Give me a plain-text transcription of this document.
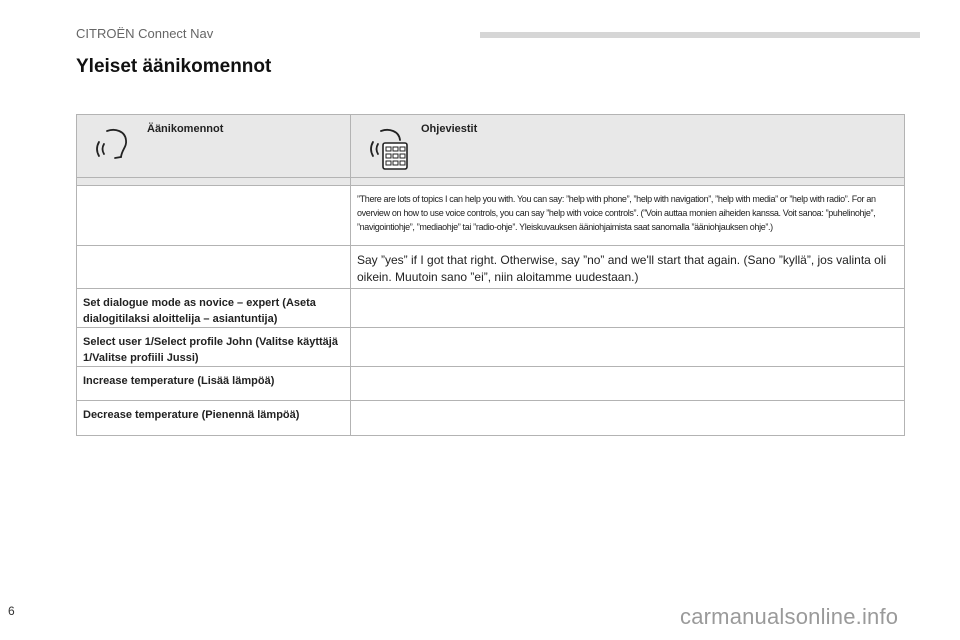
CITROËN Connect Nav
Yleiset äänikomennot
Äänikomennot	Ohjeviestit

	”There are lots of topics I can help you with. You can say: ”help with phone”, ”help with navigation”, ”help with media” or ”help with radio”. For an overview on how to use voice controls, you can say ”help with voice controls”. (”Voin auttaa monien aiheiden kanssa. Voit sanoa: ”puhelinohje”, ”navigointiohje”, ”mediaohje” tai ”radio-ohje”. Yleiskuvauksen ääniohjaimista saat sanomalla ”ääniohjauksen ohje”.)

	Say ”yes” if I got that right. Otherwise, say ”no” and we'll start that again. (Sano ”kyllä”, jos valinta oli oikein. Muutoin sano ”ei”, niin aloitamme uudestaan.)

Set dialogue mode as novice – expert (Aseta dialogitilaksi aloittelija – asiantuntija)	

Select user 1/Select profile John (Valitse käyttäjä 1/Valitse profiili Jussi)	

Increase temperature (Lisää lämpöä)	

Decrease temperature (Pienennä lämpöä)	

6	carmanualsonline.info
